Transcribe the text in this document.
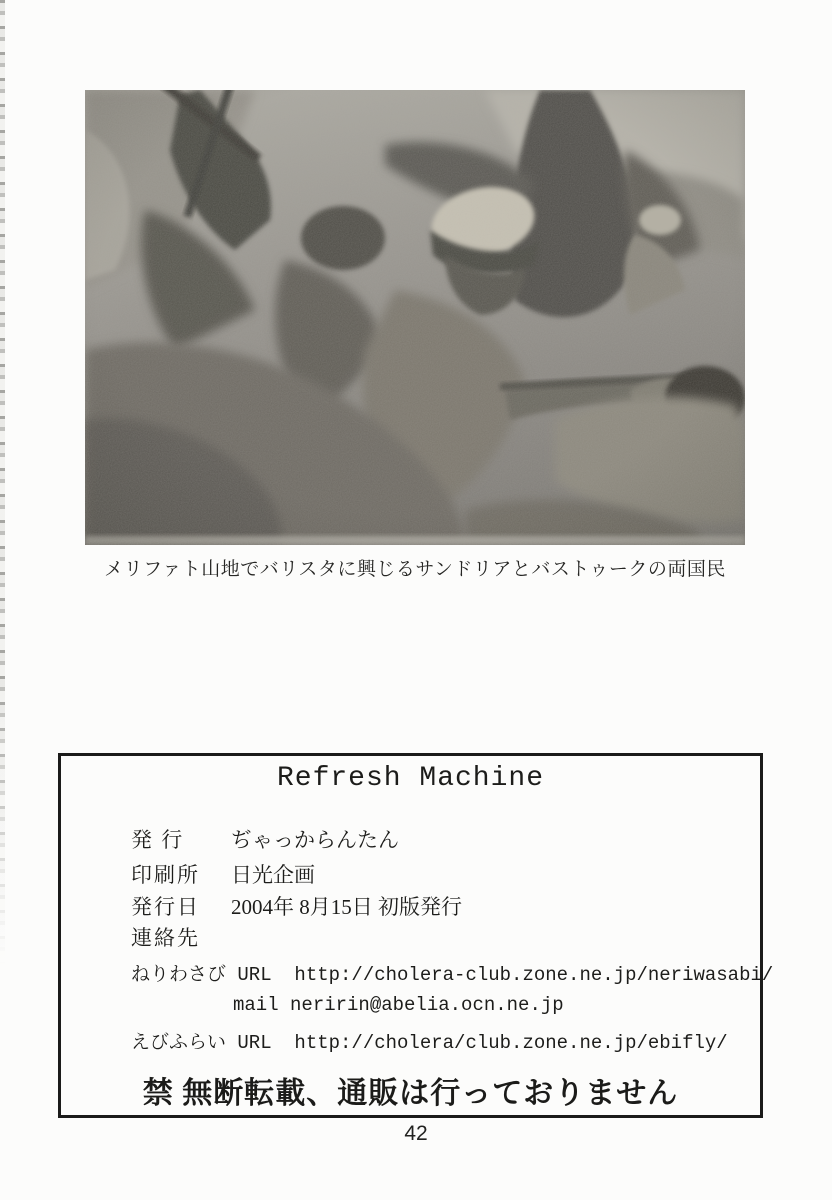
メリファト山地でバリスタに興じるサンドリアとバストゥークの両国民
Refresh Machine
発 行 ぢゃっからんたん
印刷所 日光企画
発行日 2004年 8月15日 初版発行
連絡先
ねりわさび URL  http://cholera-club.zone.ne.jp/neriwasabi/
mail neririn@abelia.ocn.ne.jp
えびふらい URL  http://cholera/club.zone.ne.jp/ebifly/
禁 無断転載、通販は行っておりません
42
